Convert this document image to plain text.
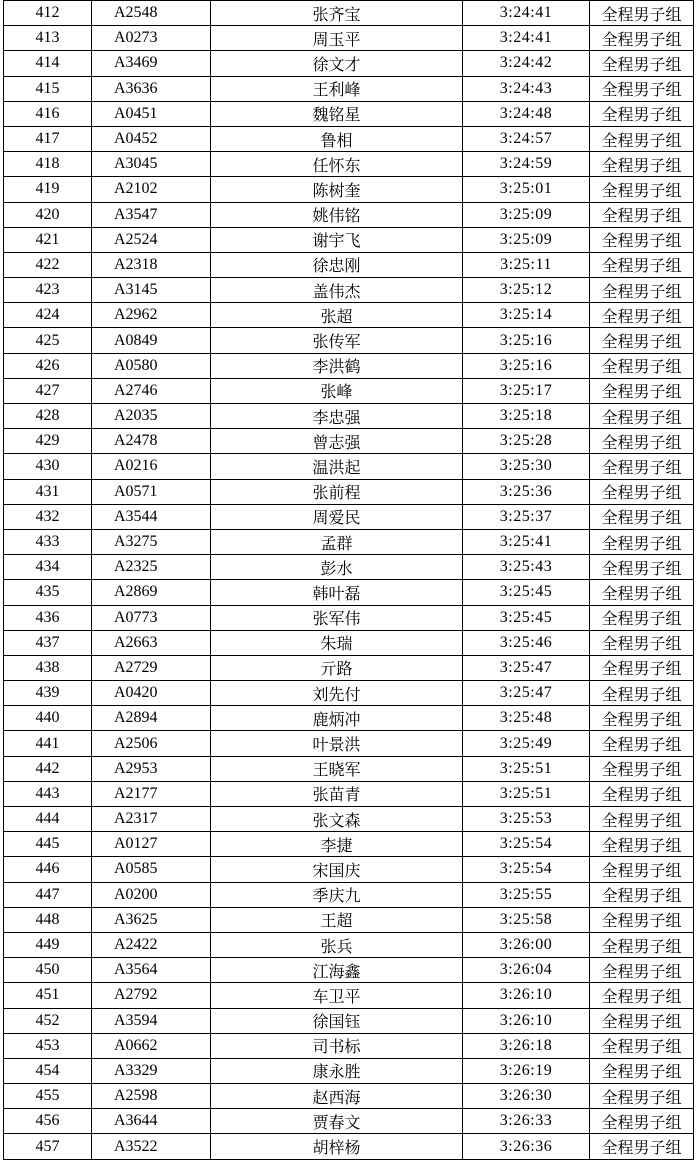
412	A2548	张齐宝	3:24:41	全程男子组
413	A0273	周玉平	3:24:41	全程男子组
414	A3469	徐文才	3:24:42	全程男子组
415	A3636	王利峰	3:24:43	全程男子组
416	A0451	魏铭星	3:24:48	全程男子组
417	A0452	鲁相	3:24:57	全程男子组
418	A3045	任怀东	3:24:59	全程男子组
419	A2102	陈树奎	3:25:01	全程男子组
420	A3547	姚伟铭	3:25:09	全程男子组
421	A2524	谢宇飞	3:25:09	全程男子组
422	A2318	徐忠刚	3:25:11	全程男子组
423	A3145	盖伟杰	3:25:12	全程男子组
424	A2962	张超	3:25:14	全程男子组
425	A0849	张传军	3:25:16	全程男子组
426	A0580	李洪鹤	3:25:16	全程男子组
427	A2746	张峰	3:25:17	全程男子组
428	A2035	李忠强	3:25:18	全程男子组
429	A2478	曾志强	3:25:28	全程男子组
430	A0216	温洪起	3:25:30	全程男子组
431	A0571	张前程	3:25:36	全程男子组
432	A3544	周爱民	3:25:37	全程男子组
433	A3275	孟群	3:25:41	全程男子组
434	A2325	彭水	3:25:43	全程男子组
435	A2869	韩叶磊	3:25:45	全程男子组
436	A0773	张军伟	3:25:45	全程男子组
437	A2663	朱瑞	3:25:46	全程男子组
438	A2729	亓路	3:25:47	全程男子组
439	A0420	刘先付	3:25:47	全程男子组
440	A2894	鹿炳冲	3:25:48	全程男子组
441	A2506	叶景洪	3:25:49	全程男子组
442	A2953	王晓军	3:25:51	全程男子组
443	A2177	张苗青	3:25:51	全程男子组
444	A2317	张文森	3:25:53	全程男子组
445	A0127	李捷	3:25:54	全程男子组
446	A0585	宋国庆	3:25:54	全程男子组
447	A0200	季庆九	3:25:55	全程男子组
448	A3625	王超	3:25:58	全程男子组
449	A2422	张兵	3:26:00	全程男子组
450	A3564	江海鑫	3:26:04	全程男子组
451	A2792	车卫平	3:26:10	全程男子组
452	A3594	徐国钰	3:26:10	全程男子组
453	A0662	司书标	3:26:18	全程男子组
454	A3329	康永胜	3:26:19	全程男子组
455	A2598	赵西海	3:26:30	全程男子组
456	A3644	贾春文	3:26:33	全程男子组
457	A3522	胡梓杨	3:26:36	全程男子组
